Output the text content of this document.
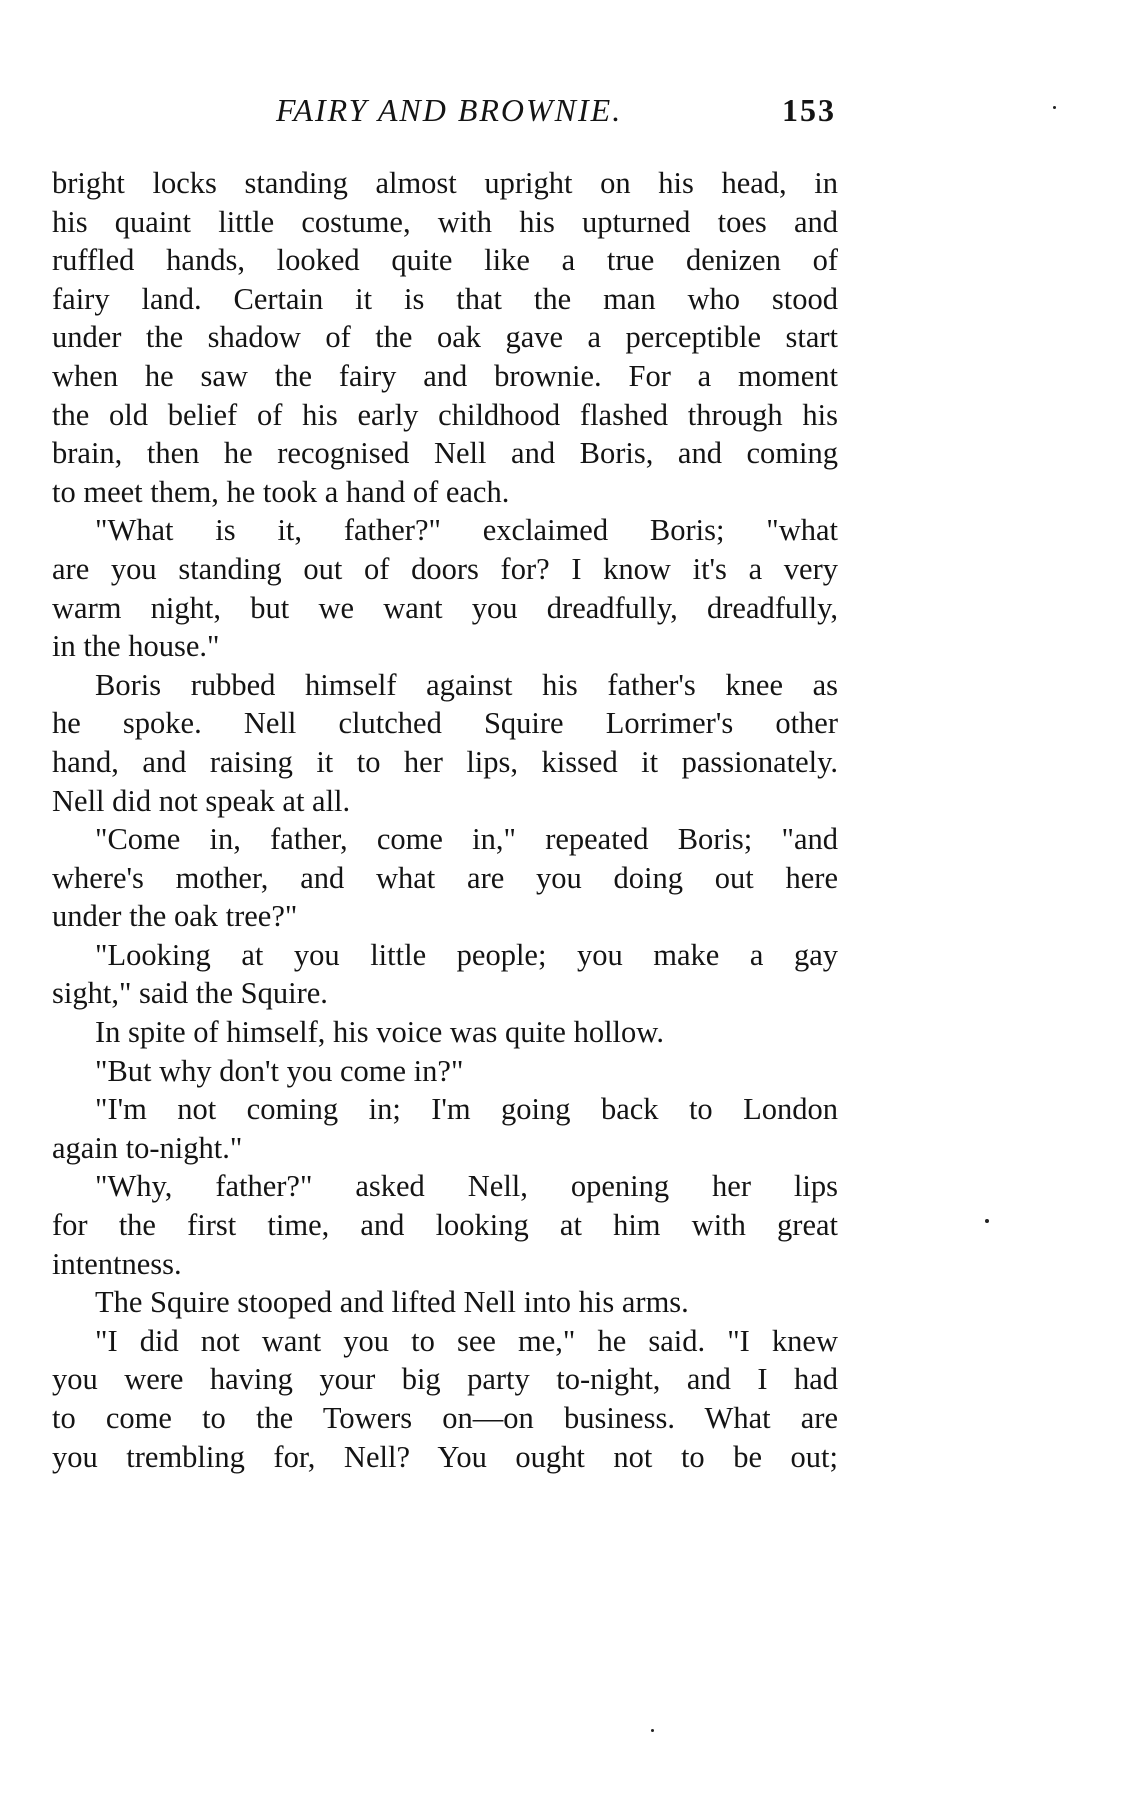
FAIRY AND BROWNIE.	153
bright locks standing almost upright on his head, in
his quaint little costume, with his upturned toes and
ruffled hands, looked quite like a true denizen of
fairy land. Certain it is that the man who stood
under the shadow of the oak gave a perceptible start
when he saw the fairy and brownie. For a moment
the old belief of his early childhood flashed through his
brain, then he recognised Nell and Boris, and coming
to meet them, he took a hand of each.
"What is it, father?" exclaimed Boris; "what
are you standing out of doors for? I know it's a very
warm night, but we want you dreadfully, dreadfully,
in the house."
Boris rubbed himself against his father's knee as
he spoke. Nell clutched Squire Lorrimer's other
hand, and raising it to her lips, kissed it passionately.
Nell did not speak at all.
"Come in, father, come in," repeated Boris; "and
where's mother, and what are you doing out here
under the oak tree?"
"Looking at you little people; you make a gay
sight," said the Squire.
In spite of himself, his voice was quite hollow.
"But why don't you come in?"
"I'm not coming in; I'm going back to London
again to-night."
"Why, father?" asked Nell, opening her lips
for the first time, and looking at him with great
intentness.
The Squire stooped and lifted Nell into his arms.
"I did not want you to see me," he said. "I knew
you were having your big party to-night, and I had
to come to the Towers on—on business. What are
you trembling for, Nell? You ought not to be out;
